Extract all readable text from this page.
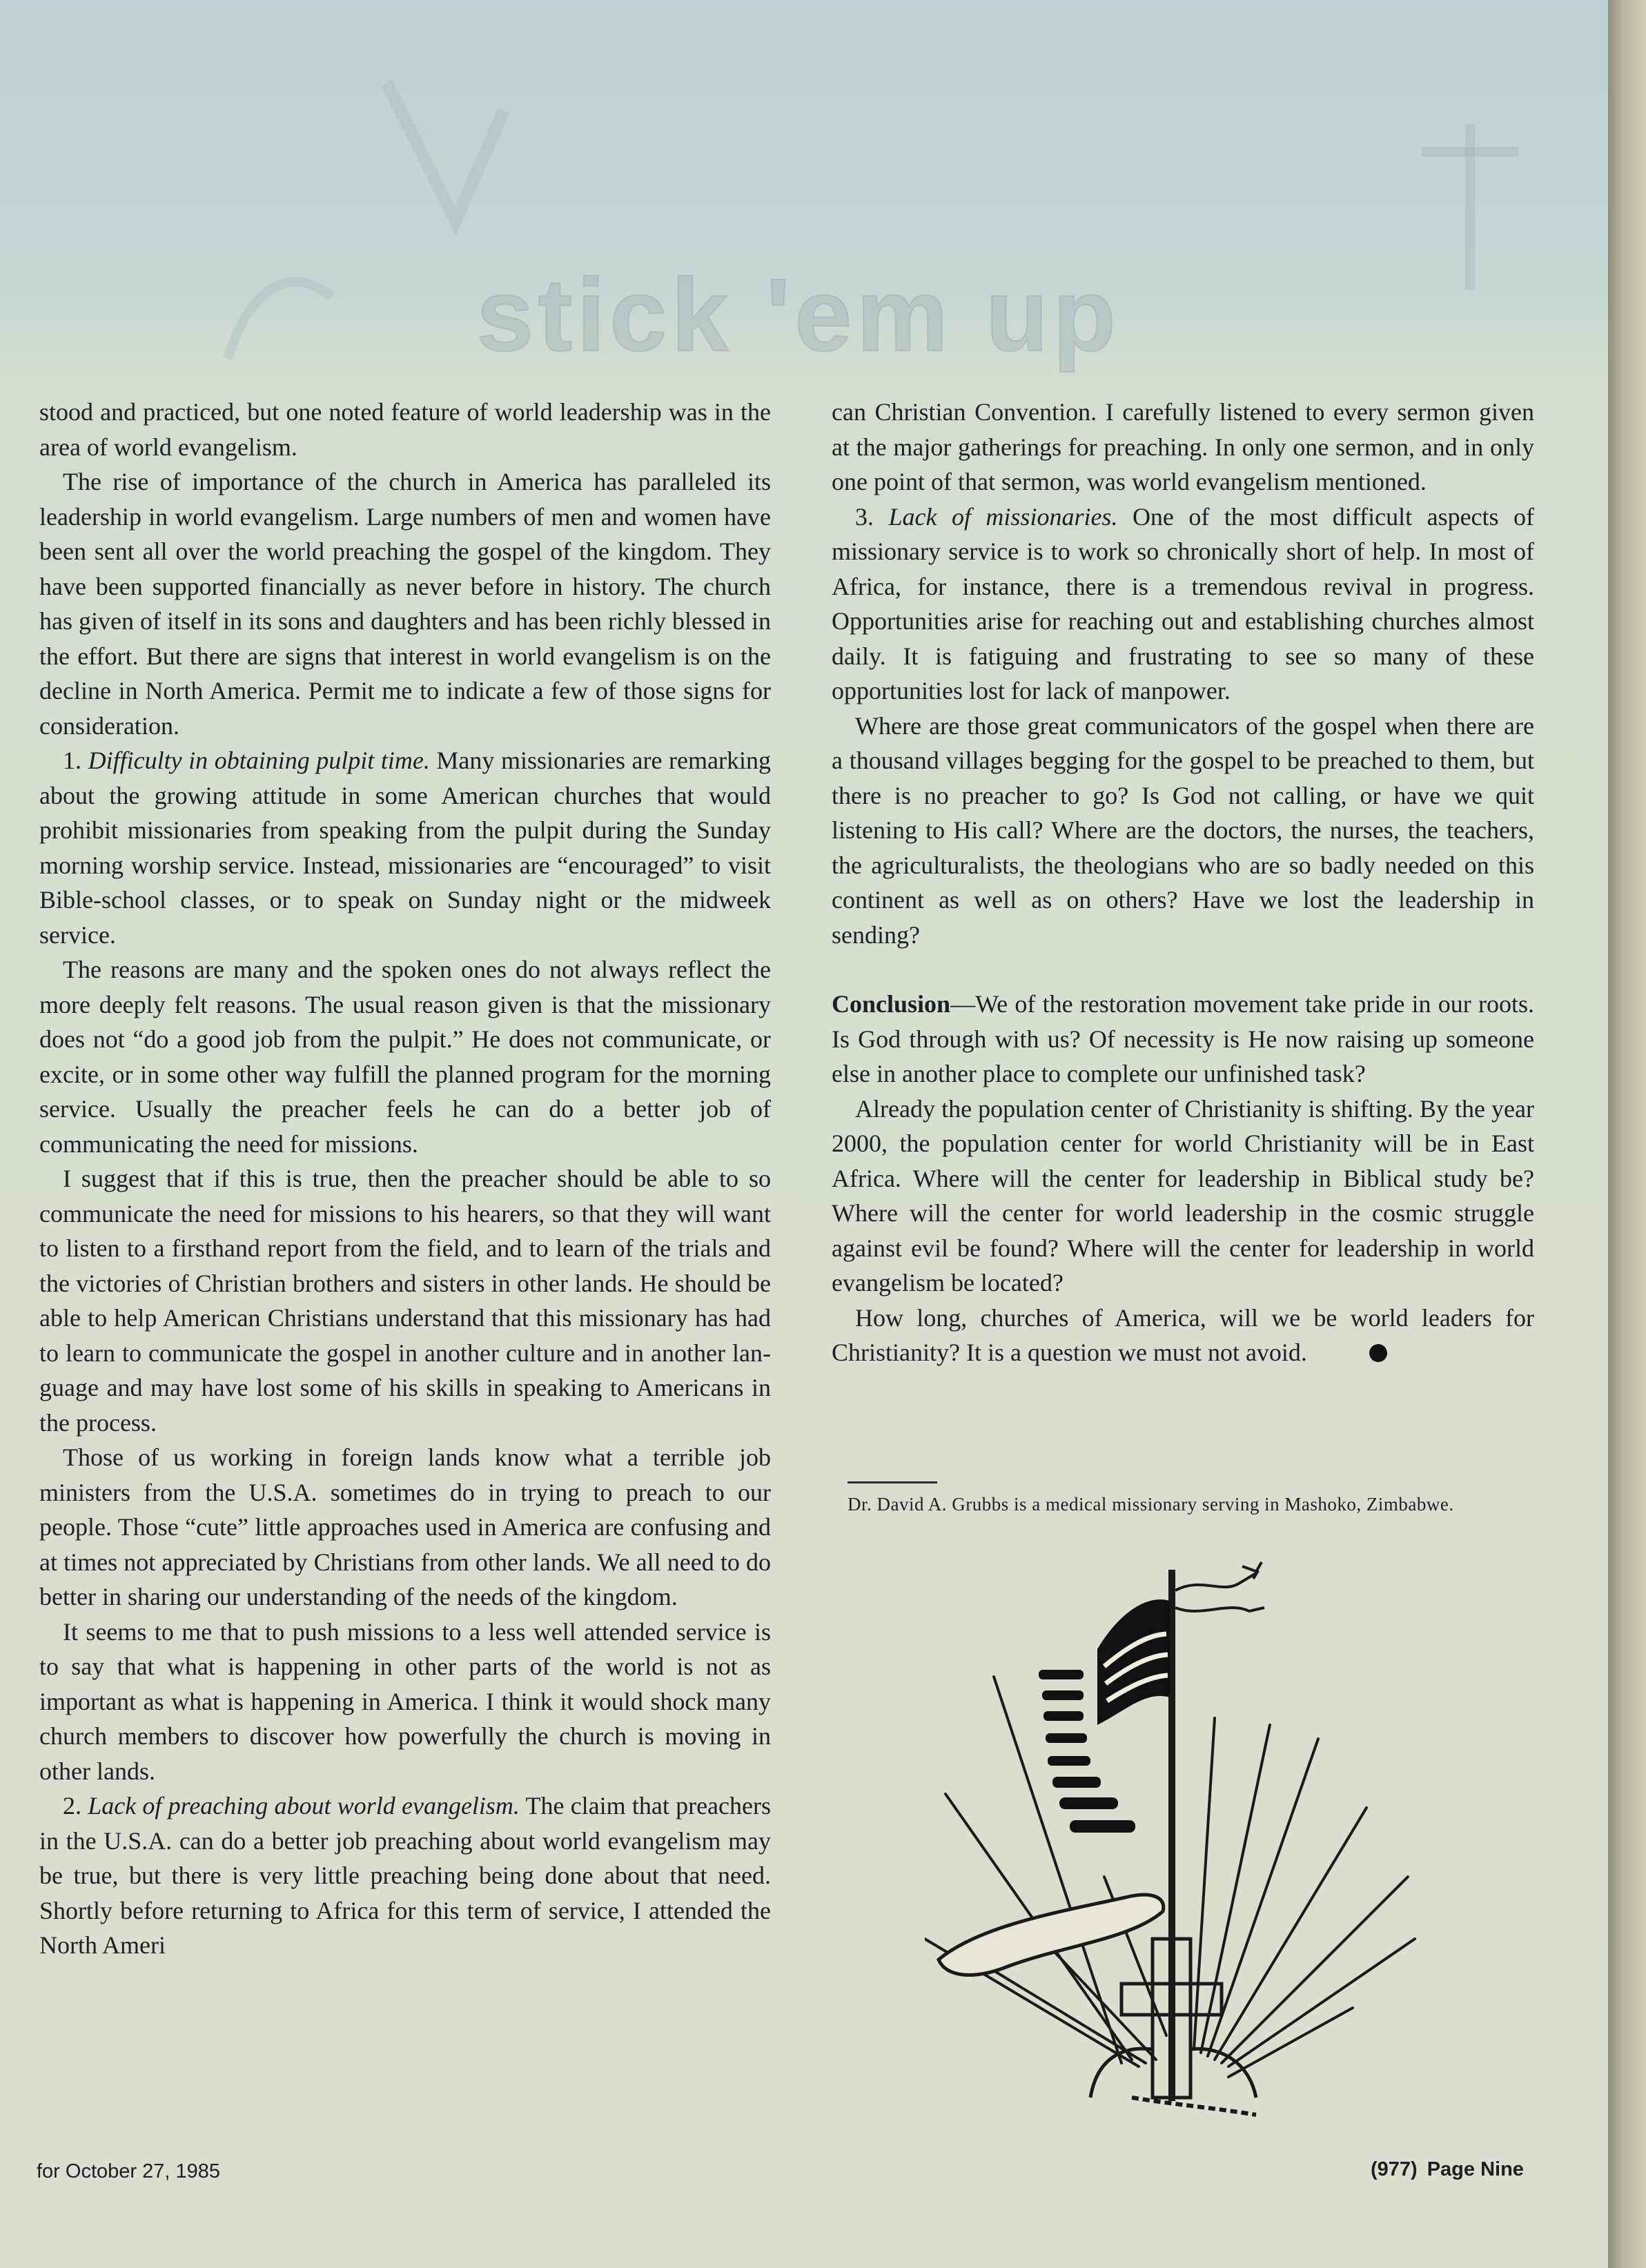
stick 'em up

stood and practiced, but one noted feature of world leadership was in the area of world evangelism.

The rise of importance of the church in America has paralleled its leadership in world evangelism. Large numbers of men and women have been sent all over the world preaching the gospel of the kingdom. They have been supported financially as never before in history. The church has given of itself in its sons and daughters and has been richly blessed in the effort. But there are signs that interest in world evangelism is on the decline in North America. Permit me to indicate a few of those signs for consideration.

1. Difficulty in obtaining pulpit time. Many missionaries are remarking about the growing attitude in some American churches that would prohibit missionaries from speaking from the pulpit during the Sunday morning worship service. Instead, missionaries are “encouraged” to visit Bible-school classes, or to speak on Sunday night or the midweek service.

The reasons are many and the spoken ones do not always reflect the more deeply felt reasons. The usual reason given is that the missionary does not “do a good job from the pulpit.” He does not communicate, or excite, or in some other way fulfill the planned program for the morning service. Usually the preacher feels he can do a better job of communicating the need for missions.

I suggest that if this is true, then the preacher should be able to so communicate the need for missions to his hearers, so that they will want to listen to a firsthand report from the field, and to learn of the trials and the victories of Christian brothers and sisters in other lands. He should be able to help American Christians understand that this missionary has had to learn to communicate the gospel in another culture and in another language and may have lost some of his skills in speaking to Americans in the process.

Those of us working in foreign lands know what a terrible job ministers from the U.S.A. sometimes do in trying to preach to our people. Those “cute” little approaches used in America are confusing and at times not appreciated by Christians from other lands. We all need to do better in sharing our understanding of the needs of the kingdom.

It seems to me that to push missions to a less well attended service is to say that what is happening in other parts of the world is not as important as what is happening in America. I think it would shock many church members to discover how powerfully the church is moving in other lands.

2. Lack of preaching about world evangelism. The claim that preachers in the U.S.A. can do a better job preaching about world evangelism may be true, but there is very little preaching being done about that need. Shortly before returning to Africa for this term of service, I attended the North Ameri

can Christian Convention. I carefully listened to every sermon given at the major gatherings for preaching. In only one sermon, and in only one point of that sermon, was world evangelism mentioned.

3. Lack of missionaries. One of the most difficult aspects of missionary service is to work so chronically short of help. In most of Africa, for instance, there is a tremendous revival in progress. Opportunities arise for reaching out and establishing churches almost daily. It is fatiguing and frustrating to see so many of these opportunities lost for lack of manpower.

Where are those great communicators of the gospel when there are a thousand villages begging for the gospel to be preached to them, but there is no preacher to go? Is God not calling, or have we quit listening to His call? Where are the doctors, the nurses, the teachers, the agriculturalists, the theologians who are so badly needed on this continent as well as on others? Have we lost the leadership in sending?

Conclusion—We of the restoration movement take pride in our roots. Is God through with us? Of necessity is He now raising up someone else in another place to complete our unfinished task?

Already the population center of Christianity is shifting. By the year 2000, the population center for world Christianity will be in East Africa. Where will the center for leadership in Biblical study be? Where will the center for world leadership in the cosmic struggle against evil be found? Where will the center for leadership in world evangelism be located?

How long, churches of America, will we be world leaders for Christianity? It is a question we must not avoid.

Dr. David A. Grubbs is a medical missionary serving in Mashoko, Zimbabwe.
for October 27, 1985	(977) Page Nine
